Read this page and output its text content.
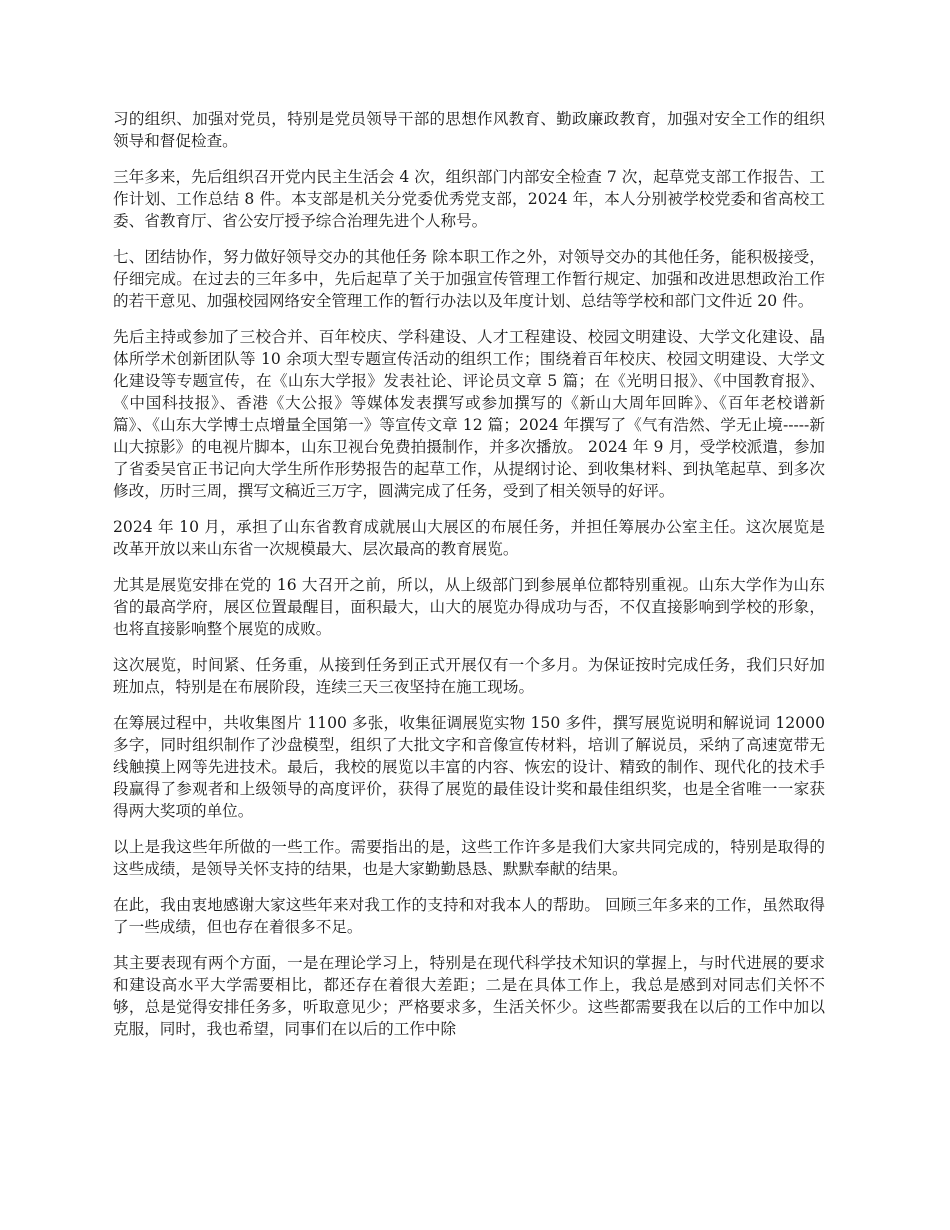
习的组织、加强对党员，特别是党员领导干部的思想作风教育、勤政廉政教育，加强对安全工作的组织领导和督促检查。

三年多来，先后组织召开党内民主生活会 4 次，组织部门内部安全检查 7 次，起草党支部工作报告、工作计划、工作总结 8 件。本支部是机关分党委优秀党支部，2024 年，本人分别被学校党委和省高校工委、省教育厅、省公安厅授予综合治理先进个人称号。

七、团结协作，努力做好领导交办的其他任务 除本职工作之外，对领导交办的其他任务，能积极接受，仔细完成。在过去的三年多中，先后起草了关于加强宣传管理工作暂行规定、加强和改进思想政治工作的若干意见、加强校园网络安全管理工作的暂行办法以及年度计划、总结等学校和部门文件近 20 件。

先后主持或参加了三校合并、百年校庆、学科建设、人才工程建设、校园文明建设、大学文化建设、晶体所学术创新团队等 10 余项大型专题宣传活动的组织工作；围绕着百年校庆、校园文明建设、大学文化建设等专题宣传，在《山东大学报》发表社论、评论员文章 5 篇；在《光明日报》、《中国教育报》、《中国科技报》、香港《大公报》等媒体发表撰写或参加撰写的《新山大周年回眸》、《百年老校谱新篇》、《山东大学博士点增量全国第一》等宣传文章 12 篇；2024 年撰写了《气有浩然、学无止境-----新山大掠影》的电视片脚本，山东卫视台免费拍摄制作，并多次播放。 2024 年 9 月，受学校派遣，参加了省委吴官正书记向大学生所作形势报告的起草工作，从提纲讨论、到收集材料、到执笔起草、到多次修改，历时三周，撰写文稿近三万字，圆满完成了任务，受到了相关领导的好评。

2024 年 10 月，承担了山东省教育成就展山大展区的布展任务，并担任筹展办公室主任。这次展览是改革开放以来山东省一次规模最大、层次最高的教育展览。

尤其是展览安排在党的 16 大召开之前，所以，从上级部门到参展单位都特别重视。山东大学作为山东省的最高学府，展区位置最醒目，面积最大，山大的展览办得成功与否，不仅直接影响到学校的形象，也将直接影响整个展览的成败。

这次展览，时间紧、任务重，从接到任务到正式开展仅有一个多月。为保证按时完成任务，我们只好加班加点，特别是在布展阶段，连续三天三夜坚持在施工现场。

在筹展过程中，共收集图片 1100 多张，收集征调展览实物 150 多件，撰写展览说明和解说词 12000 多字，同时组织制作了沙盘模型，组织了大批文字和音像宣传材料，培训了解说员，采纳了高速宽带无线触摸上网等先进技术。最后，我校的展览以丰富的内容、恢宏的设计、精致的制作、现代化的技术手段赢得了参观者和上级领导的高度评价，获得了展览的最佳设计奖和最佳组织奖，也是全省唯一一家获得两大奖项的单位。

以上是我这些年所做的一些工作。需要指出的是，这些工作许多是我们大家共同完成的，特别是取得的这些成绩，是领导关怀支持的结果，也是大家勤勤恳恳、默默奉献的结果。

在此，我由衷地感谢大家这些年来对我工作的支持和对我本人的帮助。 回顾三年多来的工作，虽然取得了一些成绩，但也存在着很多不足。

其主要表现有两个方面，一是在理论学习上，特别是在现代科学技术知识的掌握上，与时代进展的要求和建设高水平大学需要相比，都还存在着很大差距；二是在具体工作上，我总是感到对同志们关怀不够，总是觉得安排任务多，听取意见少；严格要求多，生活关怀少。这些都需要我在以后的工作中加以克服，同时，我也希望，同事们在以后的工作中除
